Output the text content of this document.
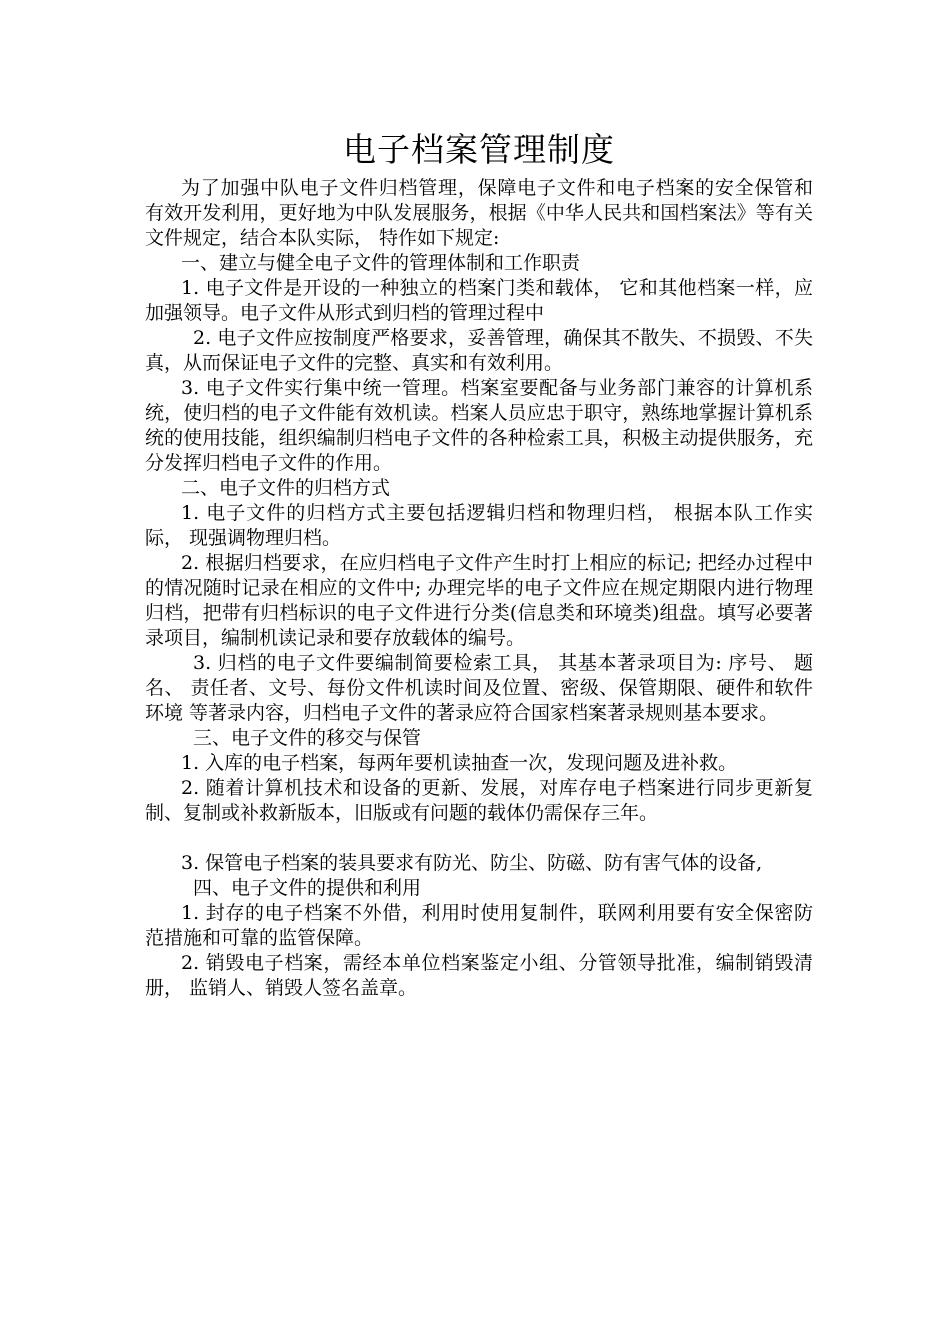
电子档案管理制度

为了加强中队电子文件归档管理，保障电子文件和电子档案的安全保管和 有效开发利用，更好地为中队发展服务，根据《中华人民共和国档案法》等有关文件规定，结合本队实际， 特作如下规定:

一、建立与健全电子文件的管理体制和工作职责

1. 电子文件是开设的一种独立的档案门类和载体， 它和其他档案一样，应加强领导。电子文件从形式到归档的管理过程中

2. 电子文件应按制度严格要求，妥善管理，确保其不散失、不损毁、不失真，从而保证电子文件的完整、真实和有效利用。

3. 电子文件实行集中统一管理。档案室要配备与业务部门兼容的计算机系统，使归档的电子文件能有效机读。档案人员应忠于职守，熟练地掌握计算机系统的使用技能，组织编制归档电子文件的各种检索工具，积极主动提供服务，充分发挥归档电子文件的作用。

二、电子文件的归档方式

1. 电子文件的归档方式主要包括逻辑归档和物理归档， 根据本队工作实际， 现强调物理归档。

2. 根据归档要求，在应归档电子文件产生时打上相应的标记; 把经办过程中的情况随时记录在相应的文件中; 办理完毕的电子文件应在规定期限内进行物理归档，把带有归档标识的电子文件进行分类(信息类和环境类)组盘。填写必要著录项目，编制机读记录和要存放载体的编号。

3. 归档的电子文件要编制简要检索工具， 其基本著录项目为: 序号、 题名、 责任者、文号、每份文件机读时间及位置、密级、保管期限、硬件和软件环境 等著录内容，归档电子文件的著录应符合国家档案著录规则基本要求。

三、电子文件的移交与保管

1. 入库的电子档案，每两年要机读抽查一次，发现问题及进补救。

2. 随着计算机技术和设备的更新、发展，对库存电子档案进行同步更新复制、复制或补救新版本，旧版或有问题的载体仍需保存三年。

3. 保管电子档案的装具要求有防光、防尘、防磁、防有害气体的设备,

四、电子文件的提供和利用

1. 封存的电子档案不外借，利用时使用复制件，联网利用要有安全保密防 范措施和可靠的监管保障。

2. 销毁电子档案，需经本单位档案鉴定小组、分管领导批准，编制销毁清册， 监销人、销毁人签名盖章。
